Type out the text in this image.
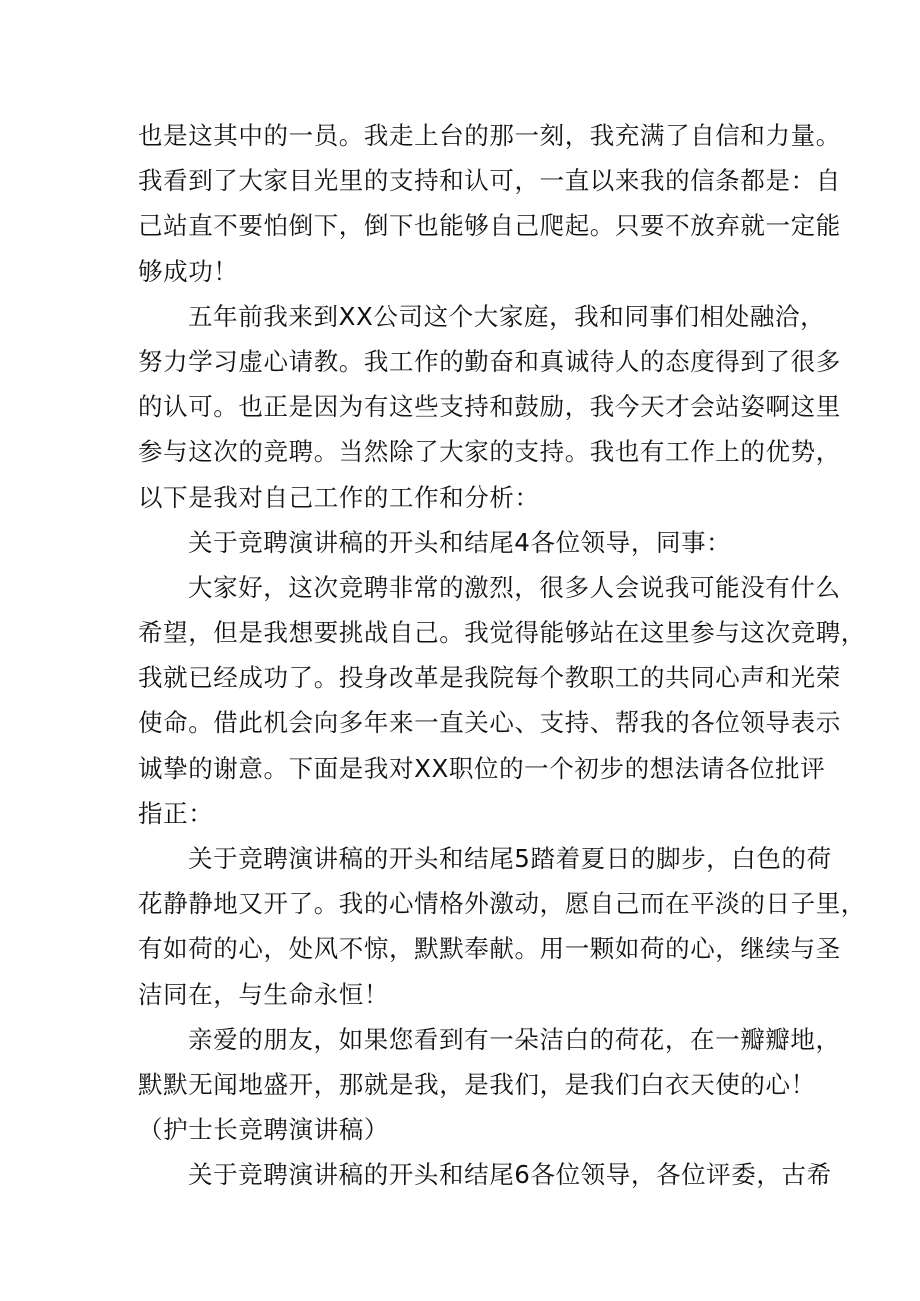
也是这其中的一员。我走上台的那一刻，我充满了自信和力量。
我看到了大家目光里的支持和认可，一直以来我的信条都是：自
己站直不要怕倒下，倒下也能够自己爬起。只要不放弃就一定能
够成功！
五年前我来到XX公司这个大家庭，我和同事们相处融洽，
努力学习虚心请教。我工作的勤奋和真诚待人的态度得到了很多
的认可。也正是因为有这些支持和鼓励，我今天才会站姿啊这里
参与这次的竞聘。当然除了大家的支持。我也有工作上的优势，
以下是我对自己工作的工作和分析：
关于竞聘演讲稿的开头和结尾4各位领导，同事：
大家好，这次竞聘非常的激烈，很多人会说我可能没有什么
希望，但是我想要挑战自己。我觉得能够站在这里参与这次竞聘，
我就已经成功了。投身改革是我院每个教职工的共同心声和光荣
使命。借此机会向多年来一直关心、支持、帮我的各位领导表示
诚挚的谢意。下面是我对XX职位的一个初步的想法请各位批评
指正：
关于竞聘演讲稿的开头和结尾5踏着夏日的脚步，白色的荷
花静静地又开了。我的心情格外激动，愿自己而在平淡的日子里，
有如荷的心，处风不惊，默默奉献。用一颗如荷的心，继续与圣
洁同在，与生命永恒！
亲爱的朋友，如果您看到有一朵洁白的荷花，在一瓣瓣地，
默默无闻地盛开，那就是我，是我们，是我们白衣天使的心！
（护士长竞聘演讲稿）
关于竞聘演讲稿的开头和结尾6各位领导，各位评委，古希
